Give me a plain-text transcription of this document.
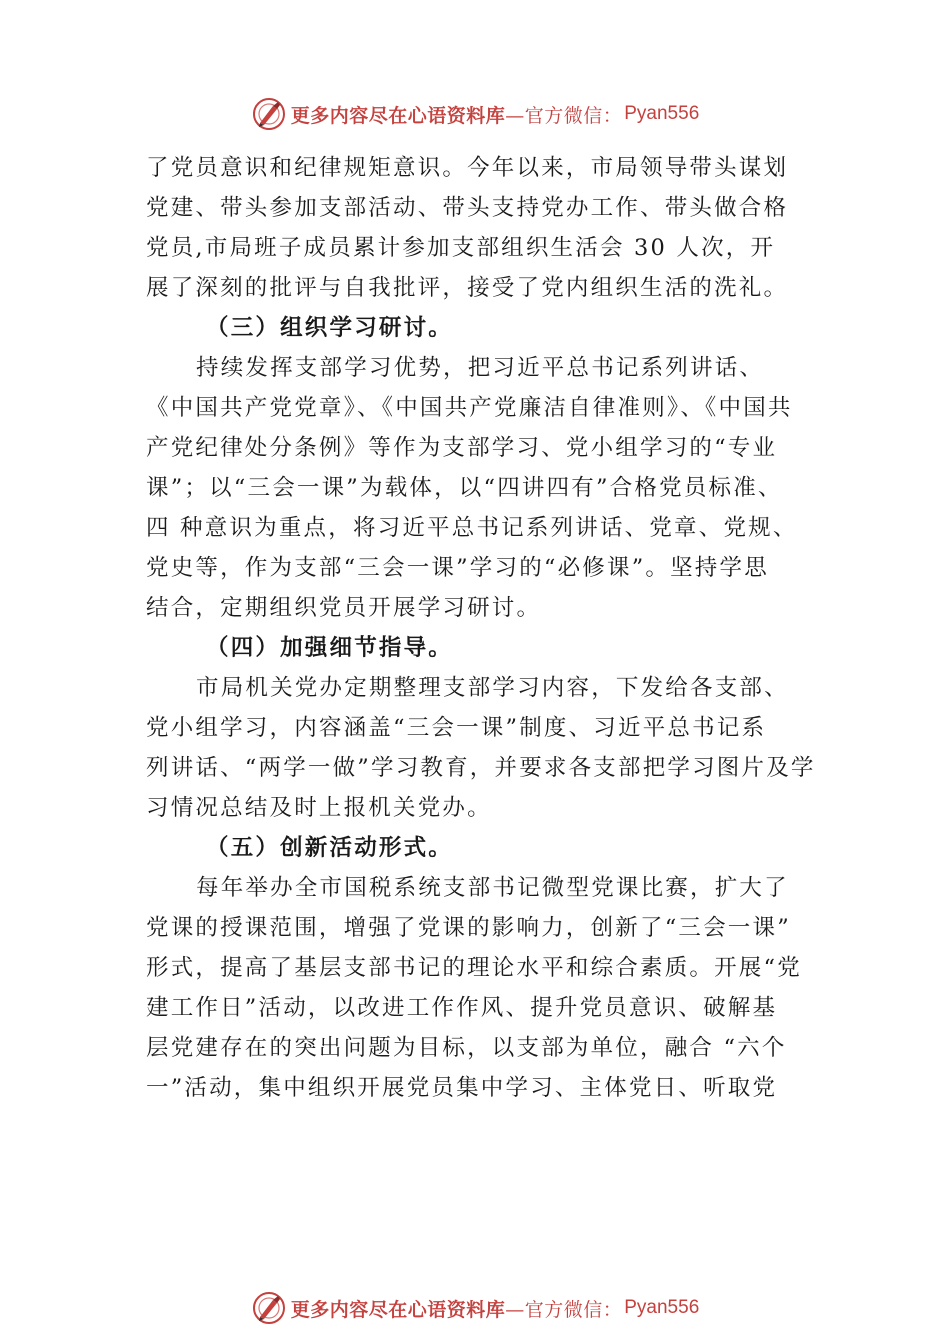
更多内容尽在心语资料库 —官方微信： Pyan556
了党员意识和纪律规矩意识。今年以来，市局领导带头谋划
党建、带头参加支部活动、带头支持党办工作、带头做合格
党员,市局班子成员累计参加支部组织生活会 30 人次，开
展了深刻的批评与自我批评，接受了党内组织生活的洗礼。
（三）组织学习研讨。
持续发挥支部学习优势，把习近平总书记系列讲话、
《中国共产党党章》、《中国共产党廉洁自律准则》、《中国共
产党纪律处分条例》等作为支部学习、党小组学习的“专业
课”；以“三会一课”为载体，以“四讲四有”合格党员标准、
四 种意识为重点，将习近平总书记系列讲话、党章、党规、
党史等，作为支部“三会一课”学习的“必修课”。坚持学思
结合，定期组织党员开展学习研讨。
（四）加强细节指导。
市局机关党办定期整理支部学习内容，下发给各支部、
党小组学习，内容涵盖“三会一课”制度、习近平总书记系
列讲话、“两学一做”学习教育，并要求各支部把学习图片及学
习情况总结及时上报机关党办。
（五）创新活动形式。
每年举办全市国税系统支部书记微型党课比赛，扩大了
党课的授课范围，增强了党课的影响力，创新了“三会一课”
形式，提高了基层支部书记的理论水平和综合素质。开展“党
建工作日”活动，以改进工作作风、提升党员意识、破解基
层党建存在的突出问题为目标，以支部为单位，融合 “六个
一”活动，集中组织开展党员集中学习、主体党日、听取党
更多内容尽在心语资料库 —官方微信： Pyan556
